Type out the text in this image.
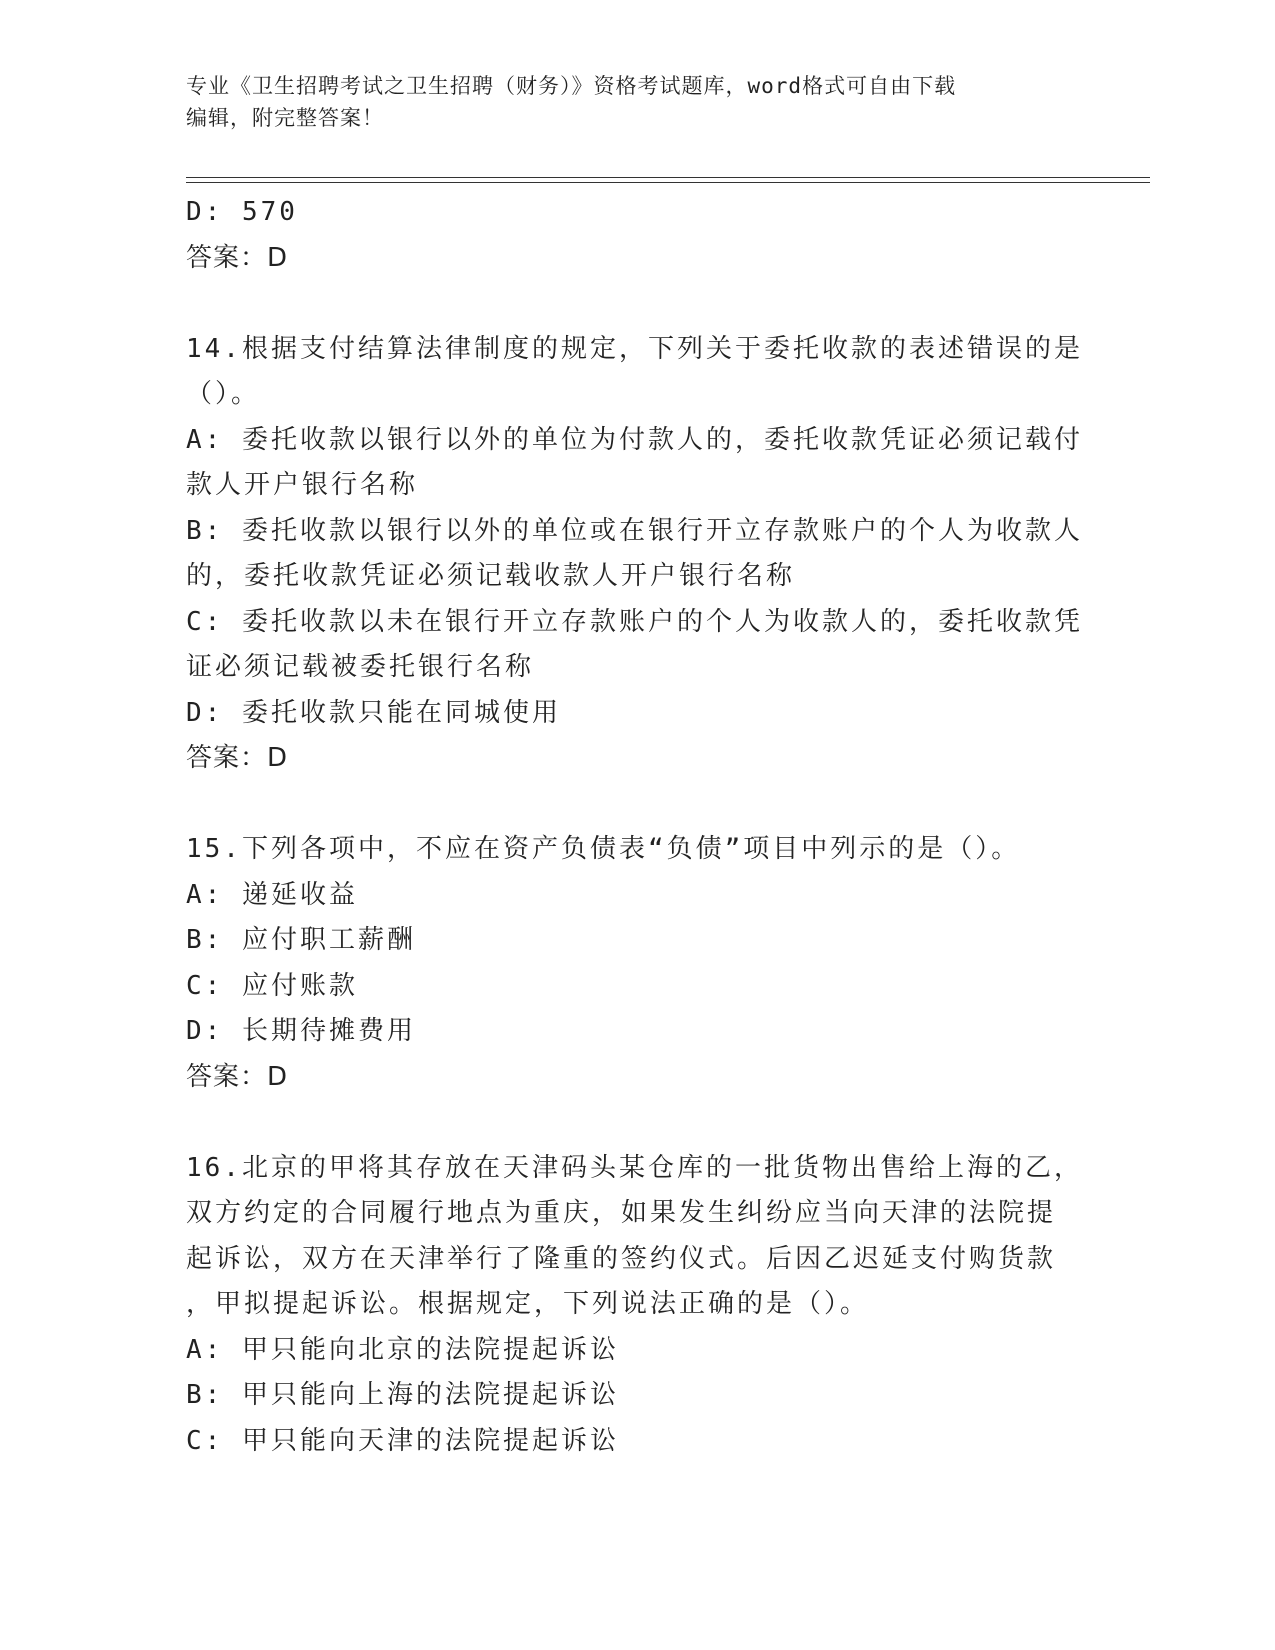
专业《卫生招聘考试之卫生招聘（财务）》资格考试题库，word格式可自由下载

编辑，附完整答案！

D: 570

答案：D

14.根据支付结算法律制度的规定，下列关于委托收款的表述错误的是

（）。

A: 委托收款以银行以外的单位为付款人的，委托收款凭证必须记载付

款人开户银行名称

B: 委托收款以银行以外的单位或在银行开立存款账户的个人为收款人

的，委托收款凭证必须记载收款人开户银行名称

C: 委托收款以未在银行开立存款账户的个人为收款人的，委托收款凭

证必须记载被委托银行名称

D: 委托收款只能在同城使用

答案：D

15.下列各项中，不应在资产负债表“负债”项目中列示的是（）。

A: 递延收益

B: 应付职工薪酬

C: 应付账款

D: 长期待摊费用

答案：D

16.北京的甲将其存放在天津码头某仓库的一批货物出售给上海的乙，

双方约定的合同履行地点为重庆，如果发生纠纷应当向天津的法院提

起诉讼，双方在天津举行了隆重的签约仪式。后因乙迟延支付购货款

，甲拟提起诉讼。根据规定，下列说法正确的是（）。

A: 甲只能向北京的法院提起诉讼

B: 甲只能向上海的法院提起诉讼

C: 甲只能向天津的法院提起诉讼
